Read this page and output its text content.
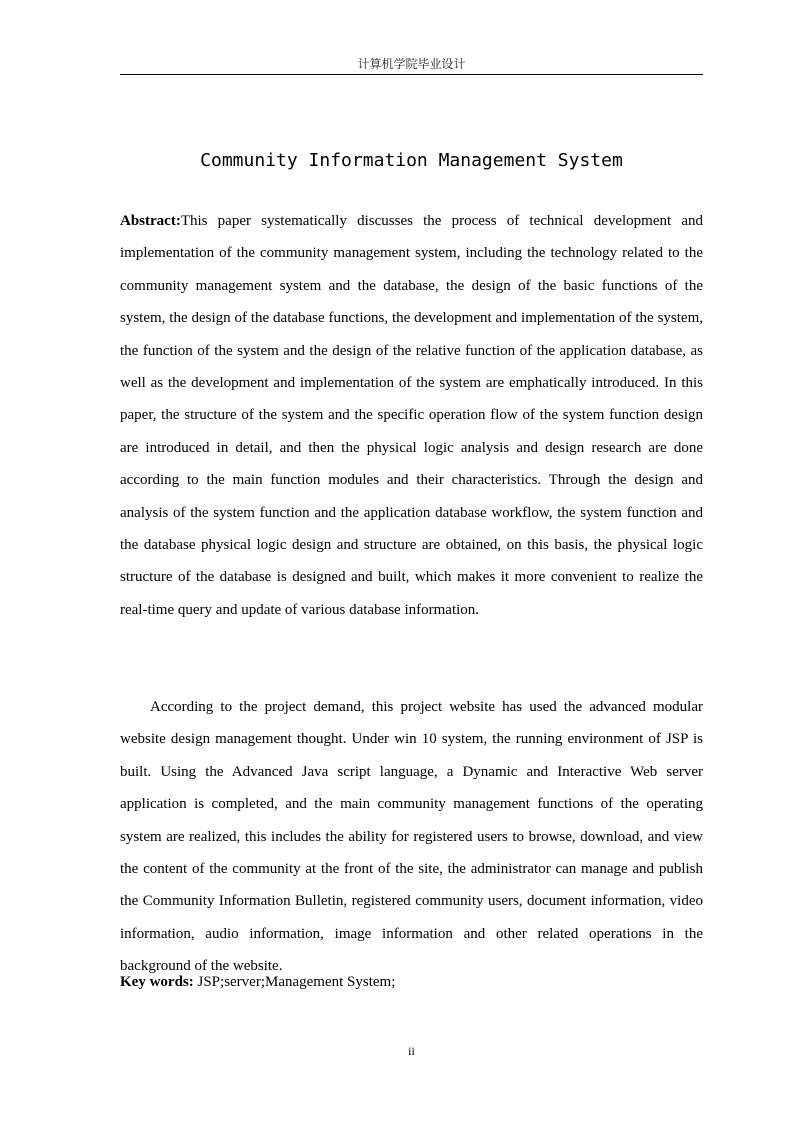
计算机学院毕业设计
Community Information Management System
Abstract:This paper systematically discusses the process of technical development and implementation of the community management system, including the technology related to the community management system and the database, the design of the basic functions of the system, the design of the database functions, the development and implementation of the system, the function of the system and the design of the relative function of the application database, as well as the development and implementation of the system are emphatically introduced. In this paper, the structure of the system and the specific operation flow of the system function design are introduced in detail, and then the physical logic analysis and design research are done according to the main function modules and their characteristics. Through the design and analysis of the system function and the application database workflow, the system function and the database physical logic design and structure are obtained, on this basis, the physical logic structure of the database is designed and built, which makes it more convenient to realize the real-time query and update of various database information.
According to the project demand, this project website has used the advanced modular website design management thought. Under win 10 system, the running environment of JSP is built. Using the Advanced Java script language, a Dynamic and Interactive Web server application is completed, and the main community management functions of the operating system are realized, this includes the ability for registered users to browse, download, and view the content of the community at the front of the site, the administrator can manage and publish the Community Information Bulletin, registered community users, document information, video information, audio information, image information and other related operations in the background of the website.
Key words: JSP;server;Management System;
ii
